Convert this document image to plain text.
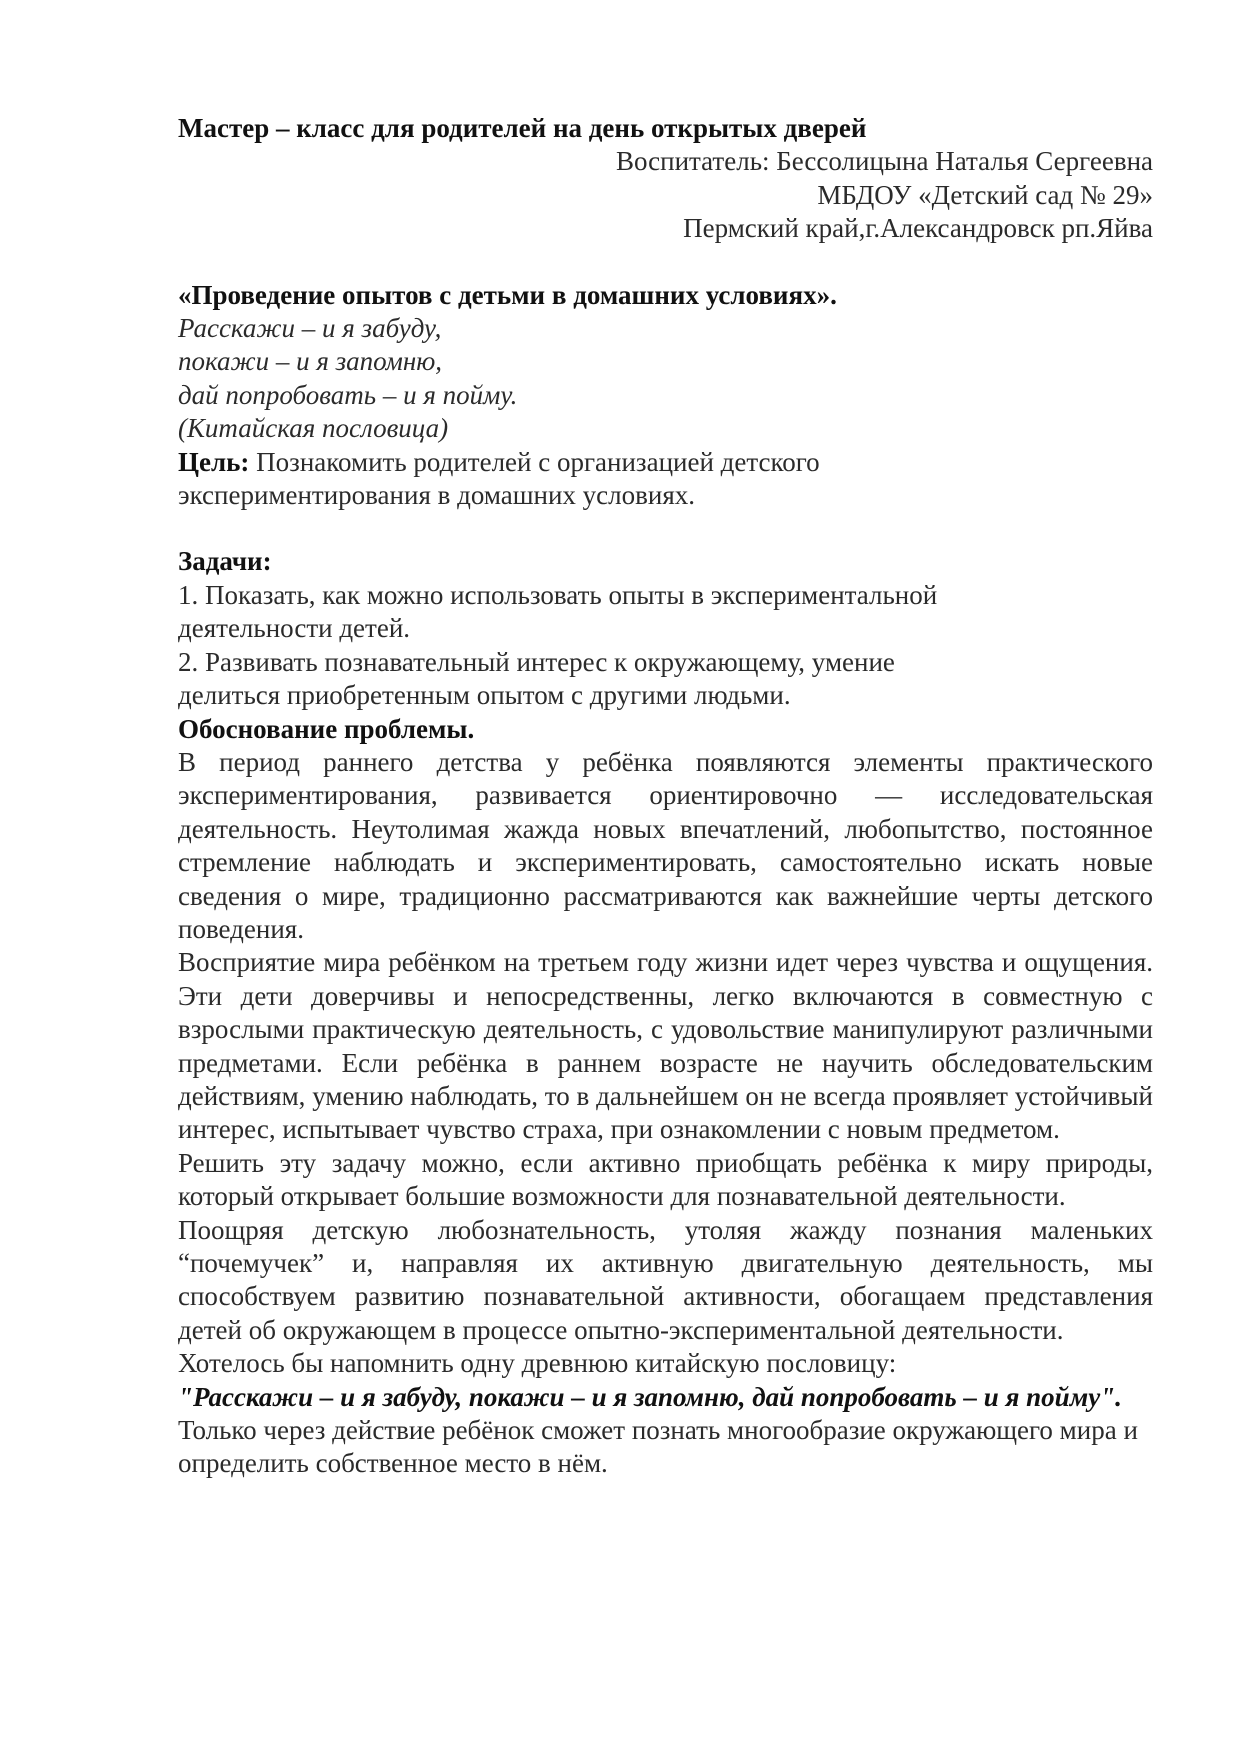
Мастер – класс для родителей на день открытых дверей

Воспитатель: Бессолицына Наталья Сергеевна

МБДОУ «Детский сад № 29»

Пермский край,г.Александровск рп.Яйва

«Проведение опытов с детьми в домашних условиях».

Расскажи – и я забуду,

покажи – и я запомню,

дай попробовать – и я пойму.

(Китайская пословица)

Цель: Познакомить родителей с организацией детского

экспериментирования в домашних условиях.

Задачи:

1. Показать, как можно использовать опыты в экспериментальной

деятельности детей.

2. Развивать познавательный интерес к окружающему, умение

делиться приобретенным опытом с другими людьми.

Обоснование проблемы.

В период раннего детства у ребёнка появляются элементы практического экспериментирования, развивается ориентировочно — исследовательская деятельность. Неутолимая жажда новых впечатлений, любопытство, постоянное стремление наблюдать и экспериментировать, самостоятельно искать новые сведения о мире, традиционно рассматриваются как важнейшие черты детского поведения.

Восприятие мира ребёнком на третьем году жизни идет через чувства и ощущения. Эти дети доверчивы и непосредственны, легко включаются в совместную с взрослыми практическую деятельность, с удовольствие манипулируют различными предметами. Если ребёнка в раннем возрасте не научить обследовательским действиям, умению наблюдать, то в дальнейшем он не всегда проявляет устойчивый интерес, испытывает чувство страха, при ознакомлении с новым предметом.

Решить эту задачу можно, если активно приобщать ребёнка к миру природы, который открывает большие возможности для познавательной деятельности.

Поощряя детскую любознательность, утоляя жажду познания маленьких “почемучек” и, направляя их активную двигательную деятельность, мы способствуем развитию познавательной активности, обогащаем представления детей об окружающем в процессе опытно-экспериментальной деятельности.

Хотелось бы напомнить одну древнюю китайскую пословицу:

"Расскажи – и я забуду, покажи – и я запомню, дай попробовать – и я пойму".

Только через действие ребёнок сможет познать многообразие окружающего мира и определить собственное место в нём.
